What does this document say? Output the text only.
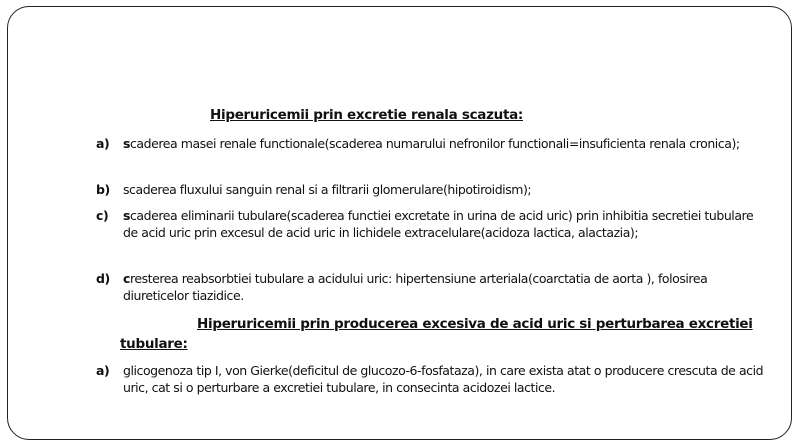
Hiperuricemii prin excretie renala scazuta:
a)	scaderea masei renale functionale(scaderea numarului nefronilor functionali=insuficienta renala cronica);
b)	scaderea fluxului sanguin renal si a filtrarii glomerulare(hipotiroidism);
c)	scaderea eliminarii tubulare(scaderea functiei excretate in urina de acid uric) prin inhibitia secretiei tubulare de acid uric prin excesul de acid uric in lichidele extracelulare(acidoza lactica, alactazia);
d)	cresterea reabsorbtiei tubulare a acidului uric: hipertensiune arteriala(coarctatia de aorta ), folosirea diureticelor tiazidice.
Hiperuricemii prin producerea excesiva de acid uric si perturbarea excretiei
tubulare:
a)	glicogenoza tip I, von Gierke(deficitul de glucozo-6-fosfataza), in care exista atat o producere crescuta de acid uric, cat si o perturbare a excretiei tubulare, in consecinta acidozei lactice.
